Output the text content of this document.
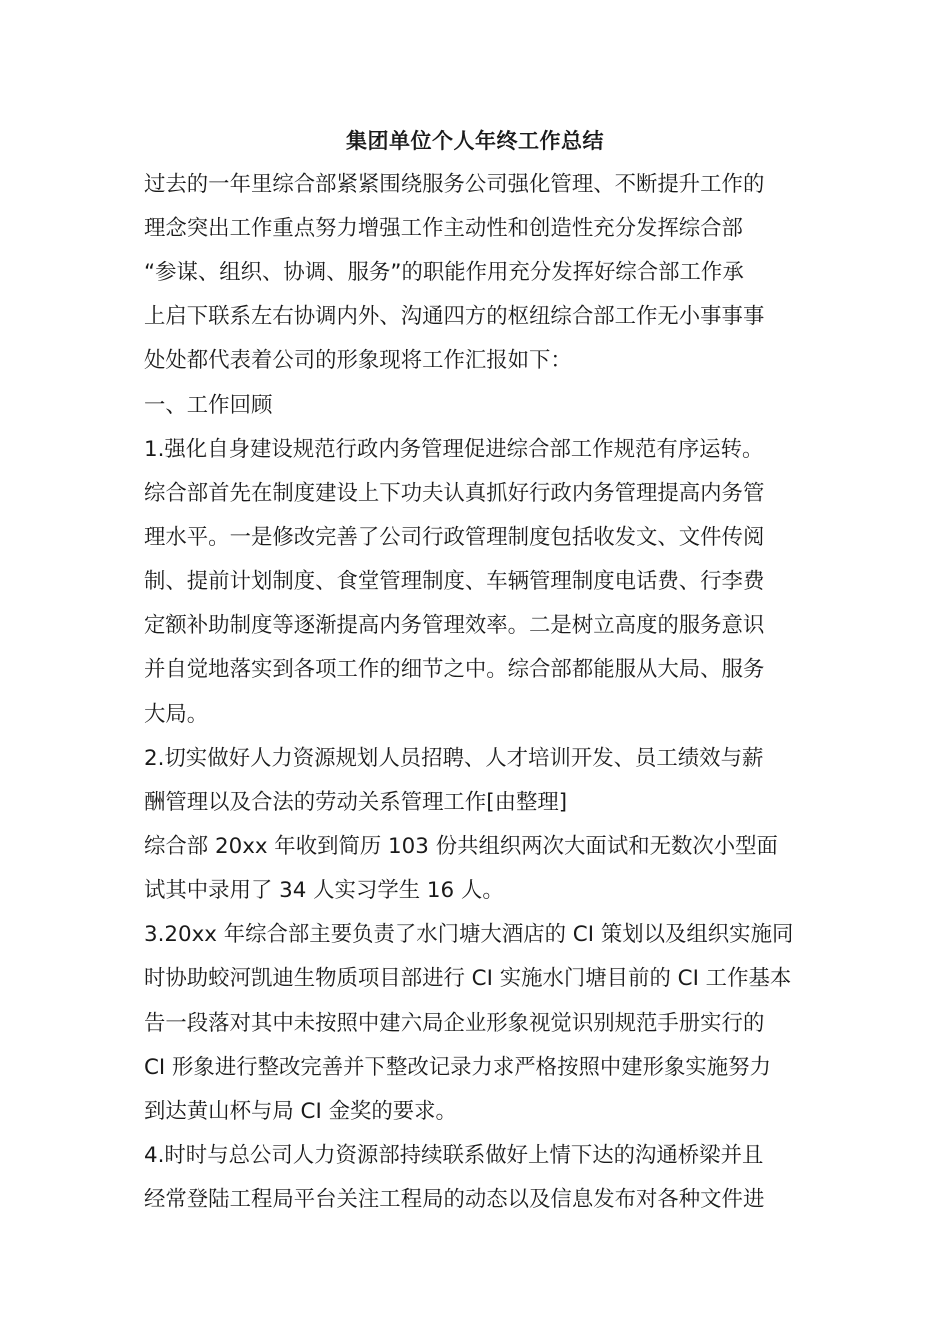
集团单位个人年终工作总结
过去的一年里综合部紧紧围绕服务公司强化管理、不断提升工作的
理念突出工作重点努力增强工作主动性和创造性充分发挥综合部
“参谋、组织、协调、服务”的职能作用充分发挥好综合部工作承
上启下联系左右协调内外、沟通四方的枢纽综合部工作无小事事事
处处都代表着公司的形象现将工作汇报如下：
一、工作回顾
1.强化自身建设规范行政内务管理促进综合部工作规范有序运转。
综合部首先在制度建设上下功夫认真抓好行政内务管理提高内务管
理水平。一是修改完善了公司行政管理制度包括收发文、文件传阅
制、提前计划制度、食堂管理制度、车辆管理制度电话费、行李费
定额补助制度等逐渐提高内务管理效率。二是树立高度的服务意识
并自觉地落实到各项工作的细节之中。综合部都能服从大局、服务
大局。
2.切实做好人力资源规划人员招聘、人才培训开发、员工绩效与薪
酬管理以及合法的劳动关系管理工作[由整理]
综合部 20xx 年收到简历 103 份共组织两次大面试和无数次小型面
试其中录用了 34 人实习学生 16 人。
3.20xx 年综合部主要负责了水门塘大酒店的 CI 策划以及组织实施同
时协助蛟河凯迪生物质项目部进行 CI 实施水门塘目前的 CI 工作基本
告一段落对其中未按照中建六局企业形象视觉识别规范手册实行的
CI 形象进行整改完善并下整改记录力求严格按照中建形象实施努力
到达黄山杯与局 CI 金奖的要求。
4.时时与总公司人力资源部持续联系做好上情下达的沟通桥梁并且
经常登陆工程局平台关注工程局的动态以及信息发布对各种文件进
